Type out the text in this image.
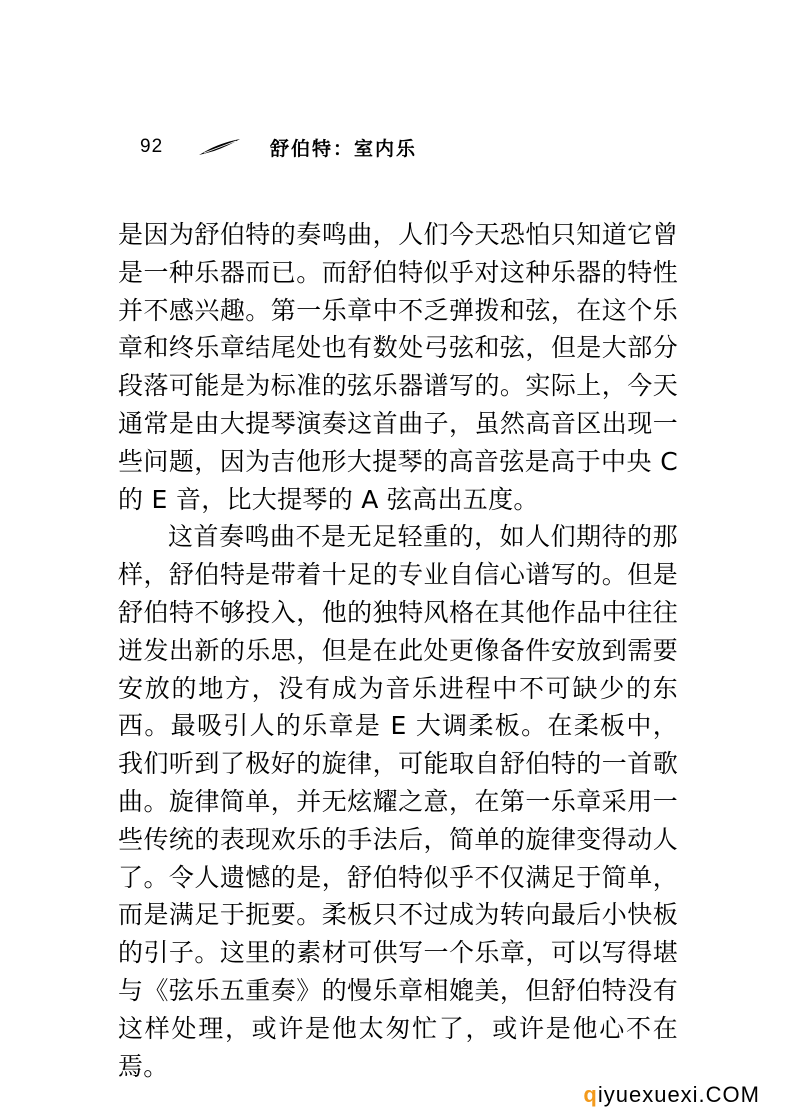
92	舒伯特：室内乐

是因为舒伯特的奏鸣曲，人们今天恐怕只知道它曾是一种乐器而已。而舒伯特似乎对这种乐器的特性并不感兴趣。第一乐章中不乏弹拨和弦，在这个乐章和终乐章结尾处也有数处弓弦和弦，但是大部分段落可能是为标准的弦乐器谱写的。实际上，今天通常是由大提琴演奏这首曲子，虽然高音区出现一些问题，因为吉他形大提琴的高音弦是高于中央 C 的 E 音，比大提琴的 A 弦高出五度。

这首奏鸣曲不是无足轻重的，如人们期待的那样，舒伯特是带着十足的专业自信心谱写的。但是舒伯特不够投入，他的独特风格在其他作品中往往迸发出新的乐思，但是在此处更像备件安放到需要安放的地方，没有成为音乐进程中不可缺少的东西。最吸引人的乐章是 E 大调柔板。在柔板中，我们听到了极好的旋律，可能取自舒伯特的一首歌曲。旋律简单，并无炫耀之意，在第一乐章采用一些传统的表现欢乐的手法后，简单的旋律变得动人了。令人遗憾的是，舒伯特似乎不仅满足于简单，而是满足于扼要。柔板只不过成为转向最后小快板的引子。这里的素材可供写一个乐章，可以写得堪与《弦乐五重奏》的慢乐章相媲美，但舒伯特没有这样处理，或许是他太匆忙了，或许是他心不在焉。

qiyuexuexi.COM
